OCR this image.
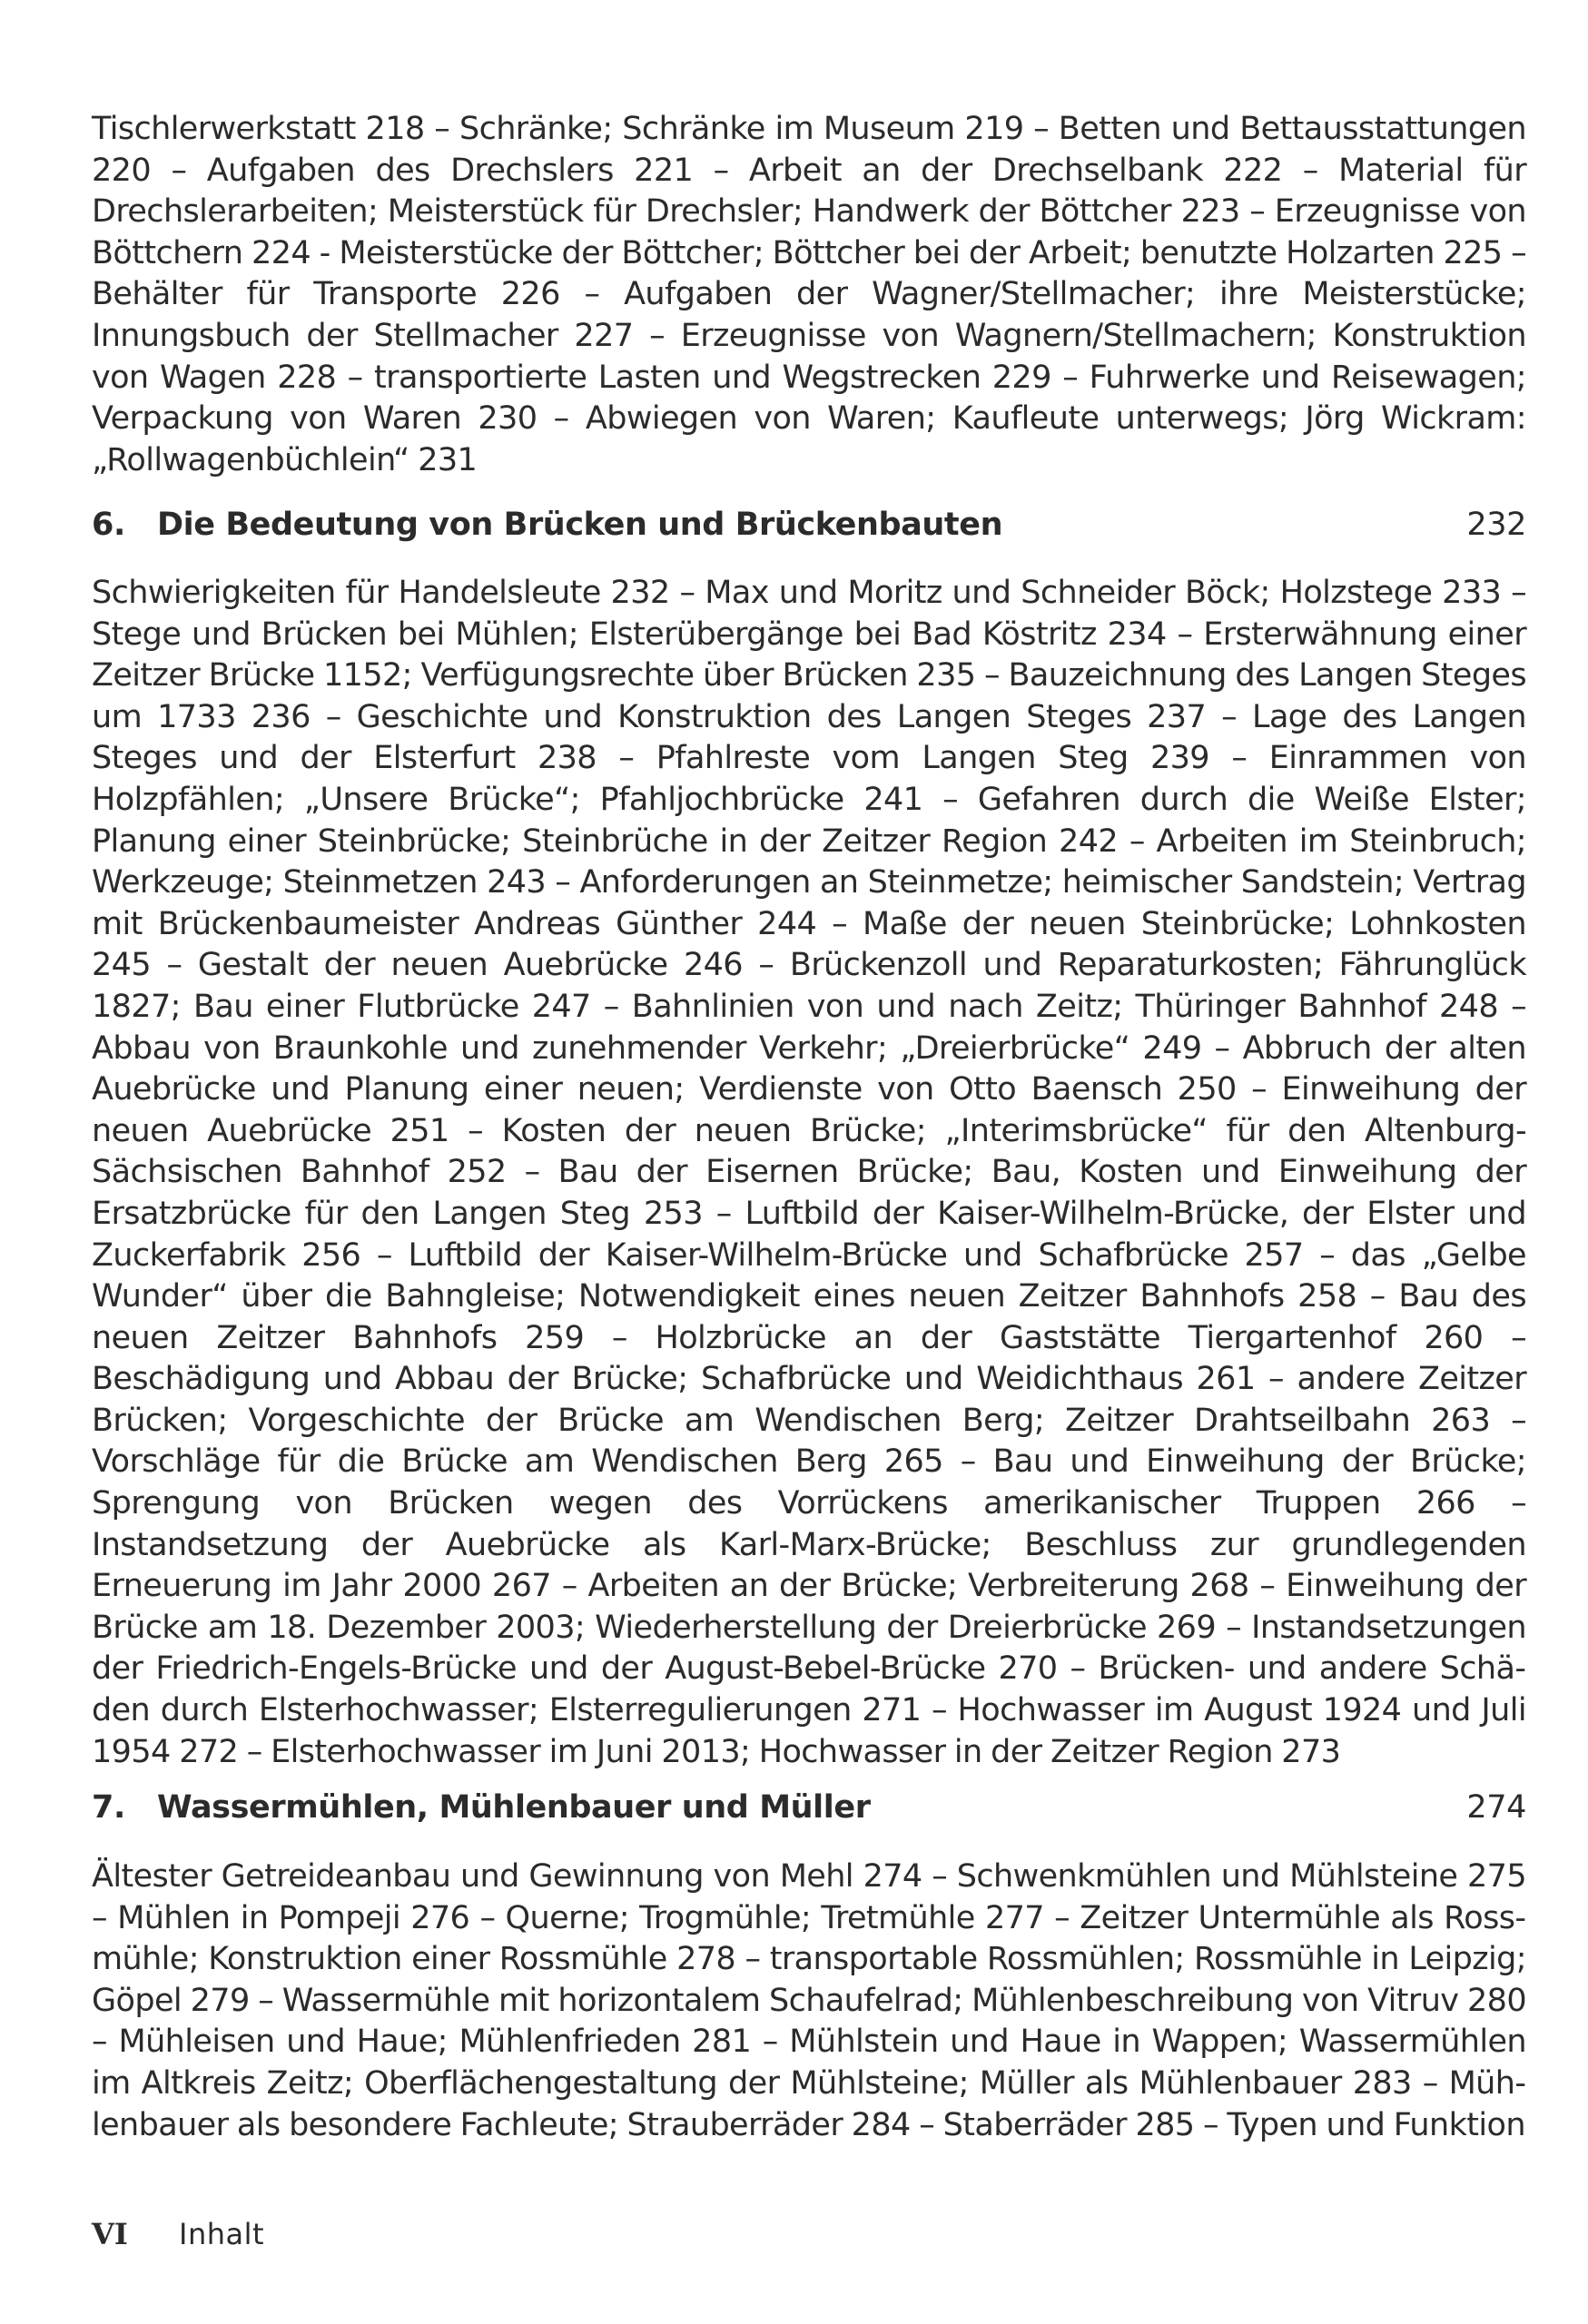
Tischlerwerkstatt 218 – Schränke; Schränke im Museum 219 – Betten und Bettausstattungen 220 – Aufgaben des Drechslers 221 – Arbeit an der Drechselbank 222 – Material für Drechslerarbeiten; Meisterstück für Drechsler; Handwerk der Böttcher 223 – Erzeugnisse von Böttchern 224 - Meisterstücke der Böttcher; Böttcher bei der Arbeit; benutzte Holzarten 225 – Behälter für Transporte 226 – Aufgaben der Wagner/Stellmacher; ihre Meisterstücke; Innungsbuch der Stellmacher 227 – Erzeugnisse von Wagnern/Stellmachern; Konstruktion von Wagen 228 – transportierte Lasten und Wegstrecken 229 – Fuhrwerke und Reisewagen; Verpackung von Waren 230 – Abwiegen von Waren; Kaufleute unterwegs; Jörg Wickram: „Rollwagenbüchlein“ 231

6. Die Bedeutung von Brücken und Brückenbauten	232

Schwierigkeiten für Handelsleute 232 – Max und Moritz und Schneider Böck; Holzstege 233 – Stege und Brücken bei Mühlen; Elsterübergänge bei Bad Köstritz 234 – Ersterwähnung einer Zeitzer Brücke 1152; Verfügungsrechte über Brücken 235 – Bauzeichnung des Langen Steges um 1733 236 – Geschichte und Konstruktion des Langen Steges 237 – Lage des Langen Steges und der Elsterfurt 238 – Pfahlreste vom Langen Steg 239 – Einrammen von Holzpfählen; „Unsere Brücke“; Pfahljochbrücke 241 – Gefahren durch die Weiße Elster; Planung einer Steinbrücke; Steinbrüche in der Zeitzer Region 242 – Arbeiten im Steinbruch; Werkzeuge; Steinmetzen 243 – Anforderungen an Steinmetze; heimischer Sandstein; Vertrag mit Brückenbaumeister Andreas Günther 244 – Maße der neuen Steinbrücke; Lohnkosten 245 – Gestalt der neuen Auebrücke 246 – Brückenzoll und Reparaturkosten; Fährunglück 1827; Bau einer Flutbrücke 247 – Bahnlinien von und nach Zeitz; Thüringer Bahnhof 248 – Abbau von Braunkohle und zunehmender Verkehr; „Dreierbrücke“ 249 – Abbruch der alten Auebrücke und Planung einer neuen; Verdienste von Otto Baensch 250 – Einweihung der neuen Auebrücke 251 – Kosten der neuen Brücke; „Interimsbrücke“ für den Altenburg-Sächsischen Bahnhof 252 – Bau der Eisernen Brücke; Bau, Kosten und Einweihung der Ersatzbrücke für den Langen Steg 253 – Luftbild der Kaiser-Wilhelm-Brücke, der Elster und Zuckerfabrik 256 – Luftbild der Kaiser-Wilhelm-Brücke und Schafbrücke 257 – das „Gelbe Wunder“ über die Bahngleise; Notwendigkeit eines neuen Zeitzer Bahnhofs 258 – Bau des neuen Zeitzer Bahnhofs 259 – Holzbrücke an der Gaststätte Tiergartenhof 260 – Beschädigung und Abbau der Brücke; Schafbrücke und Weidichthaus 261 – andere Zeitzer Brücken; Vorgeschichte der Brücke am Wendischen Berg; Zeitzer Drahtseilbahn 263 – Vorschläge für die Brücke am Wendischen Berg 265 – Bau und Einweihung der Brücke; Sprengung von Brücken wegen des Vorrückens amerikanischer Truppen 266 – Instandsetzung der Auebrücke als Karl-Marx-Brücke; Beschluss zur grundlegenden Erneuerung im Jahr 2000 267 – Arbeiten an der Brücke; Verbreiterung 268 – Einweihung der Brücke am 18. Dezember 2003; Wiederherstellung der Dreierbrücke 269 – Instandsetzungen der Friedrich-Engels-Brücke und der August-Bebel-Brücke 270 – Brücken- und andere Schäden durch Elsterhochwasser; Elsterregulierungen 271 – Hochwasser im August 1924 und Juli 1954 272 – Elsterhochwasser im Juni 2013; Hochwasser in der Zeitzer Region 273

7. Wassermühlen, Mühlenbauer und Müller	274

Ältester Getreideanbau und Gewinnung von Mehl 274 – Schwenkmühlen und Mühlsteine 275 – Mühlen in Pompeji 276 – Querne; Trogmühle; Tretmühle 277 – Zeitzer Untermühle als Rossmühle; Konstruktion einer Rossmühle 278 – transportable Rossmühlen; Rossmühle in Leipzig; Göpel 279 – Wassermühle mit horizontalem Schaufelrad; Mühlenbeschreibung von Vitruv 280 – Mühleisen und Haue; Mühlenfrieden 281 – Mühlstein und Haue in Wappen; Wassermühlen im Altkreis Zeitz; Oberflächengestaltung der Mühlsteine; Müller als Mühlenbauer 283 – Mühlenbauer als besondere Fachleute; Strauberräder 284 – Staberräder 285 – Typen und Funktion

VI Inhalt
